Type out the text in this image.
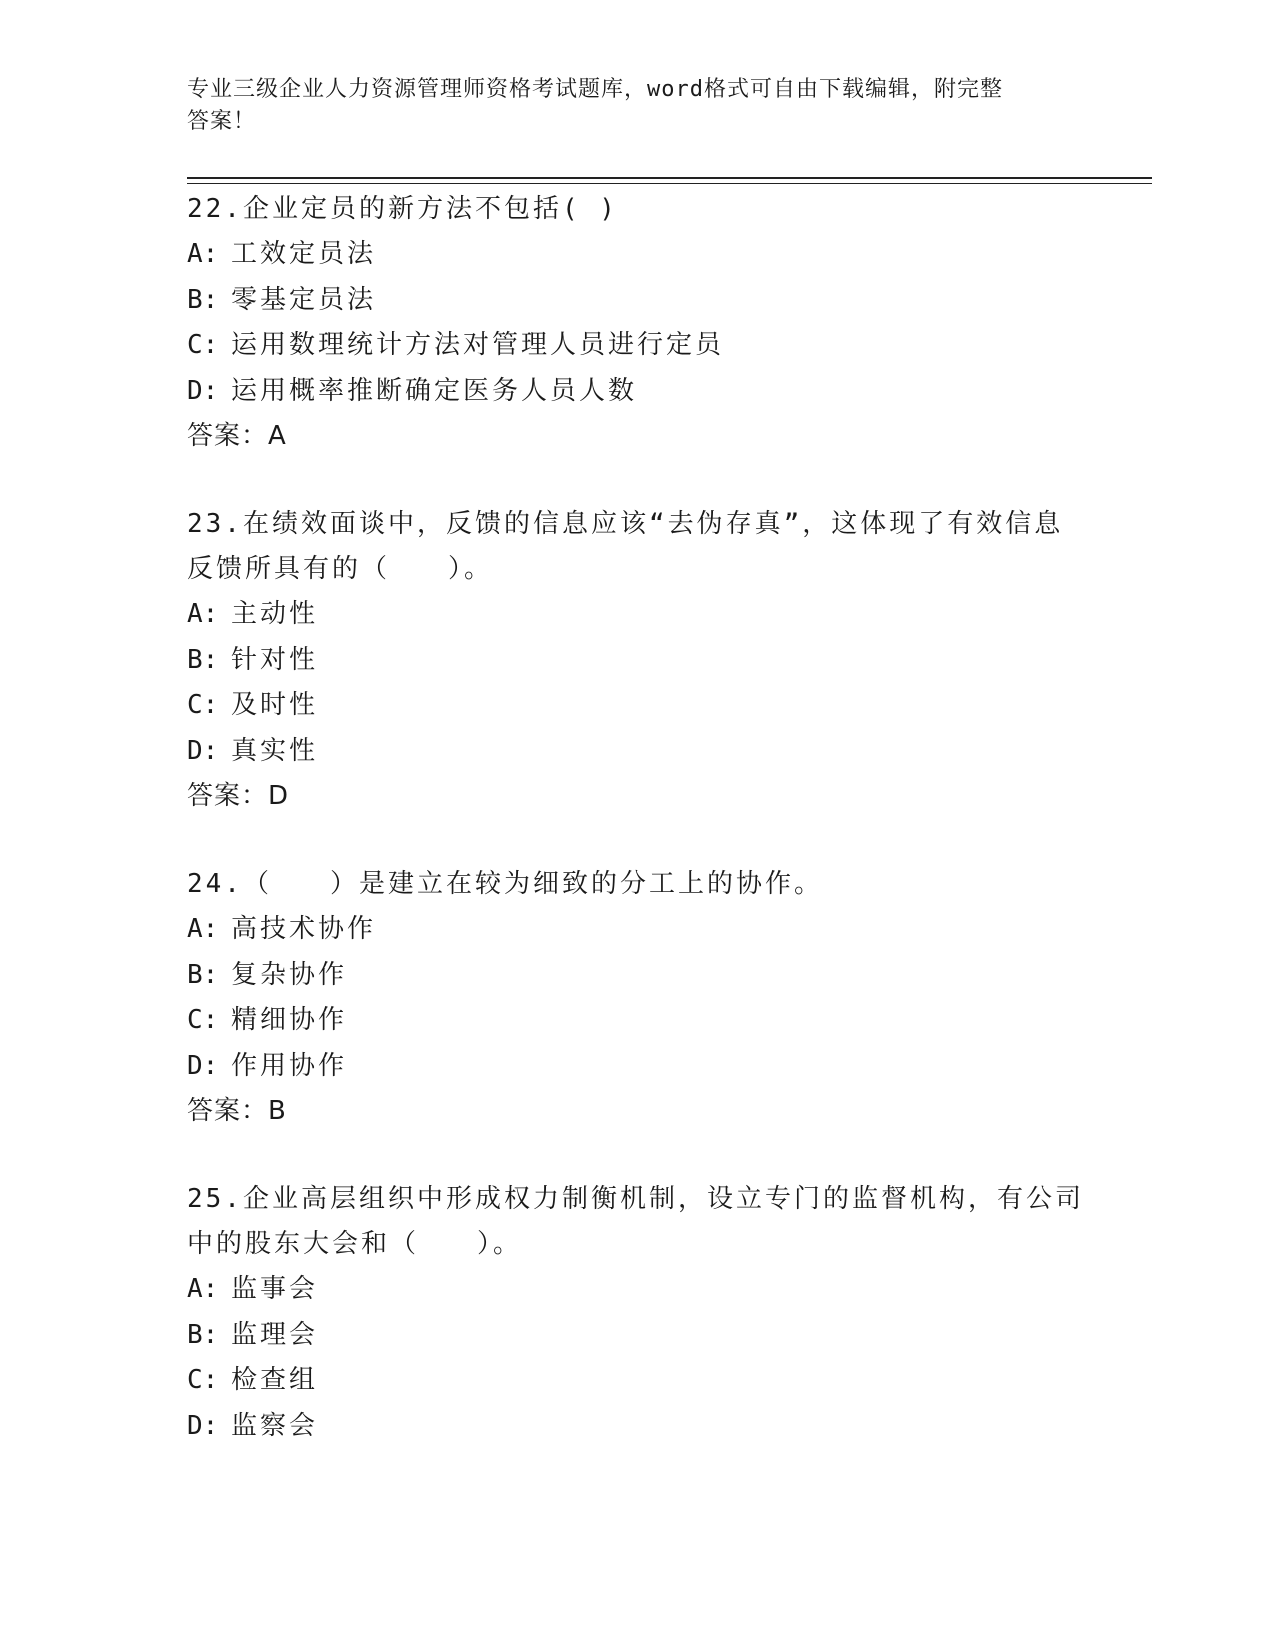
专业三级企业人力资源管理师资格考试题库，word格式可自由下载编辑，附完整
答案！

22.企业定员的新方法不包括( )

A: 工效定员法

B: 零基定员法

C: 运用数理统计方法对管理人员进行定员

D: 运用概率推断确定医务人员人数

答案：A

23.在绩效面谈中，反馈的信息应该“去伪存真”，这体现了有效信息反馈所具有的（　　）。

A: 主动性

B: 针对性

C: 及时性

D: 真实性

答案：D

24.（　　）是建立在较为细致的分工上的协作。

A: 高技术协作

B: 复杂协作

C: 精细协作

D: 作用协作

答案：B

25.企业高层组织中形成权力制衡机制，设立专门的监督机构，有公司中的股东大会和（　　）。

A: 监事会

B: 监理会

C: 检查组

D: 监察会
